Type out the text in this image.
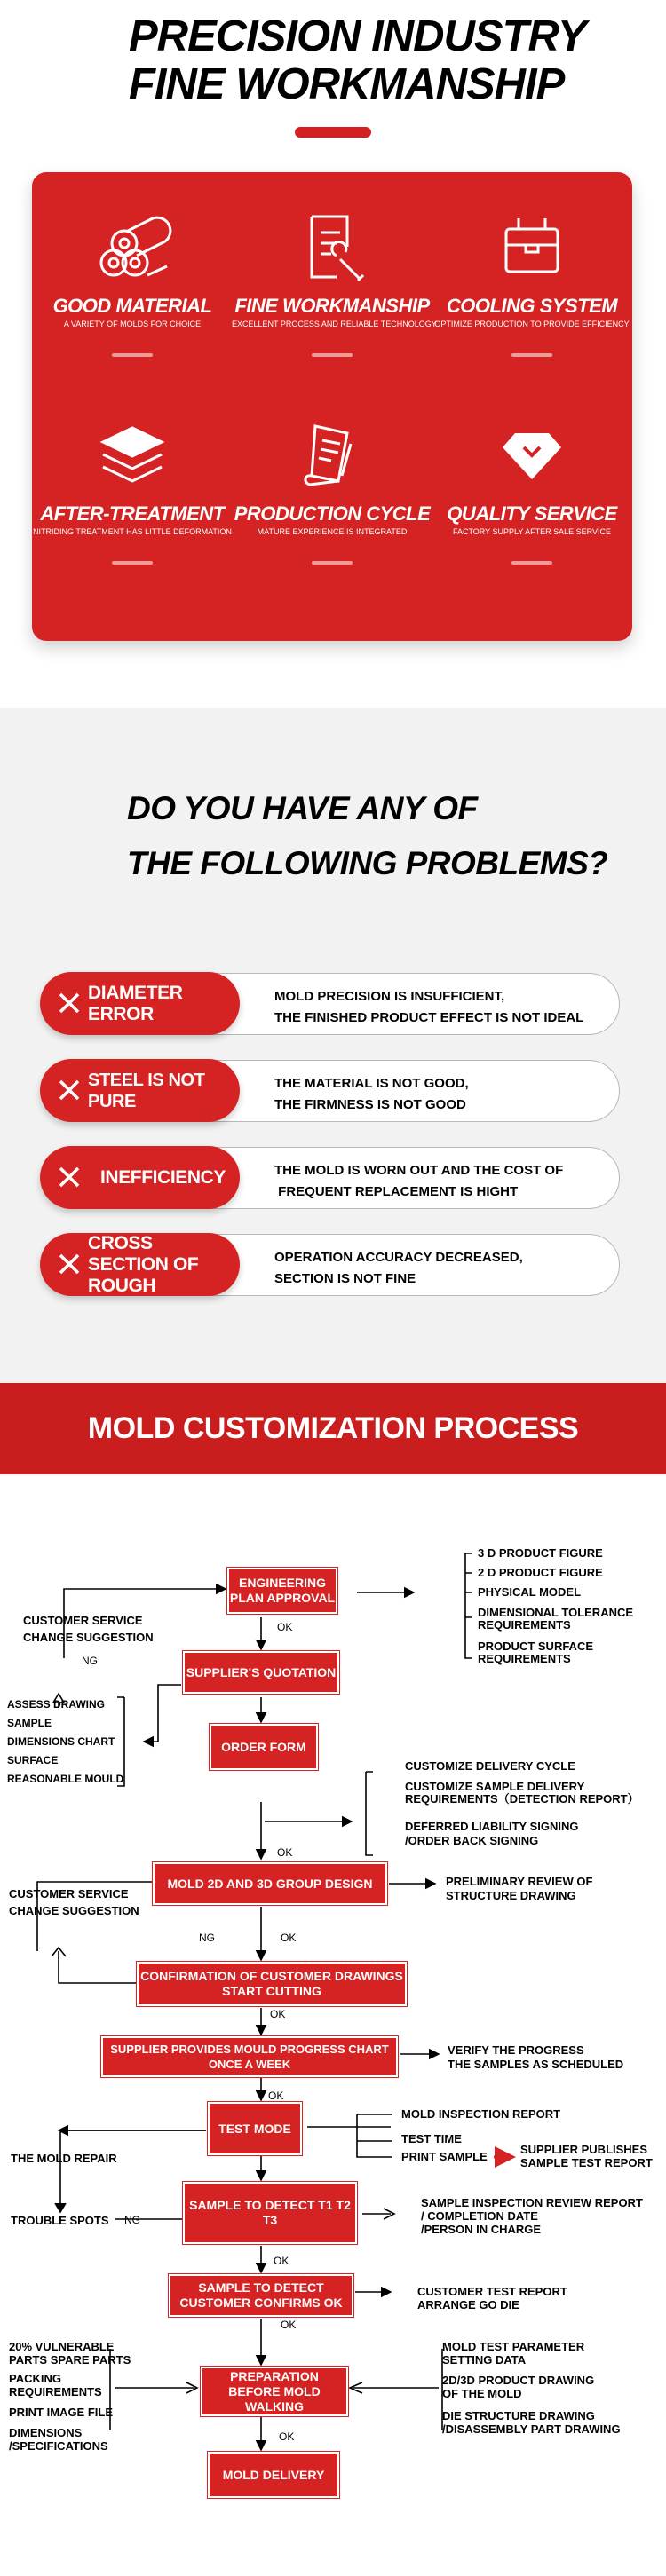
PRECISION INDUSTRY
FINE WORKMANSHIP
GOOD MATERIAL
A VARIETY OF MOLDS FOR CHOICE
FINE WORKMANSHIP
EXCELLENT PROCESS AND RELIABLE TECHNOLOGY
COOLING SYSTEM
OPTIMIZE PRODUCTION TO PROVIDE EFFICIENCY
AFTER-TREATMENT
NITRIDING TREATMENT HAS LITTLE DEFORMATION
PRODUCTION CYCLE
MATURE EXPERIENCE IS INTEGRATED
QUALITY SERVICE
FACTORY SUPPLY AFTER SALE SERVICE
DO YOU HAVE ANY OF
THE FOLLOWING PROBLEMS?
DIAMETER ERROR
MOLD PRECISION IS INSUFFICIENT,
THE FINISHED PRODUCT EFFECT IS NOT IDEAL
STEEL IS NOT PURE
THE MATERIAL IS NOT GOOD,
THE FIRMNESS IS NOT GOOD
INEFFICIENCY	THE MOLD IS WORN OUT AND THE COST OF
FREQUENT REPLACEMENT IS HIGHT
CROSS SECTION OF ROUGH
OPERATION ACCURACY DECREASED,
SECTION IS NOT FINE
MOLD CUSTOMIZATION PROCESS
ENGINEERING PLAN APPROVAL
SUPPLIER'S QUOTATION
ORDER FORM
MOLD 2D AND 3D GROUP DESIGN
CONFIRMATION OF CUSTOMER DRAWINGS START CUTTING
SUPPLIER PROVIDES MOULD PROGRESS CHART ONCE A WEEK
TEST MODE
SAMPLE TO DETECT T1 T2 T3
SAMPLE TO DETECT CUSTOMER CONFIRMS OK
PREPARATION BEFORE MOLD WALKING
MOLD DELIVERY
OK
NG
OK
NG	OK
OK
OK
NG
OK
OK
OK
3 D PRODUCT FIGURE
2 D PRODUCT FIGURE
PHYSICAL MODEL
DIMENSIONAL TOLERANCE
REQUIREMENTS
PRODUCT SURFACE
REQUIREMENTS
CUSTOMER SERVICE
CHANGE SUGGESTION
ASSESS DRAWING
SAMPLE
DIMENSIONS CHART
SURFACE
REASONABLE MOULD
CUSTOMIZE DELIVERY CYCLE
CUSTOMIZE SAMPLE DELIVERY
REQUIREMENTS（DETECTION REPORT）
DEFERRED LIABILITY SIGNING
/ORDER BACK SIGNING
CUSTOMER SERVICE
CHANGE SUGGESTION
PRELIMINARY REVIEW OF
STRUCTURE DRAWING
VERIFY THE PROGRESS
THE SAMPLES AS SCHEDULED
MOLD INSPECTION REPORT
TEST TIME
PRINT SAMPLE
SUPPLIER PUBLISHES
SAMPLE TEST REPORT
THE MOLD REPAIR
TROUBLE SPOTS
SAMPLE INSPECTION REVIEW REPORT
/ COMPLETION DATE
/PERSON IN CHARGE
CUSTOMER TEST REPORT
ARRANGE GO DIE
20% VULNERABLE
PARTS SPARE PARTS
PACKING
REQUIREMENTS
PRINT IMAGE FILE
DIMENSIONS
/SPECIFICATIONS
MOLD TEST PARAMETER
SETTING DATA
2D/3D PRODUCT DRAWING
OF THE MOLD
DIE STRUCTURE DRAWING
/DISASSEMBLY PART DRAWING
